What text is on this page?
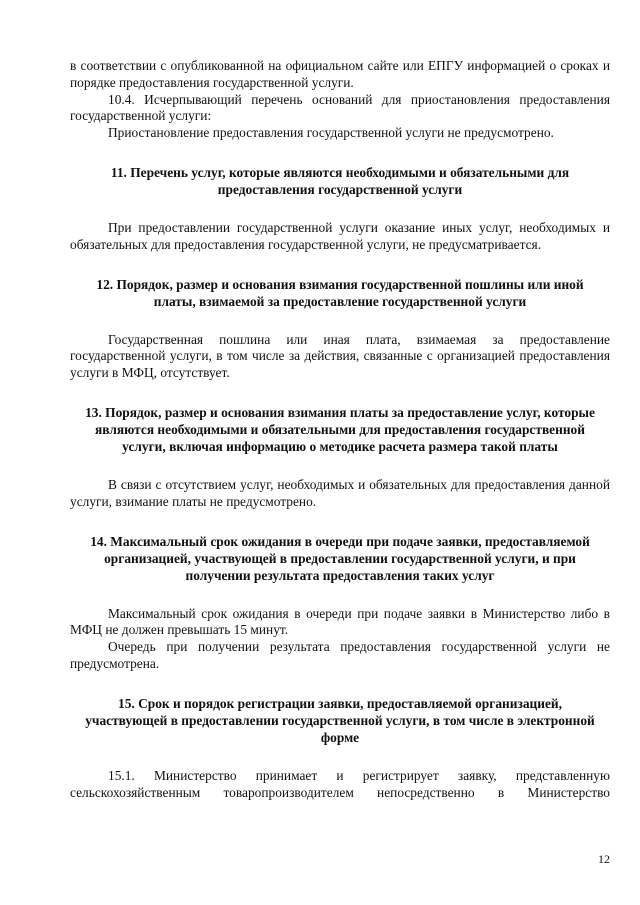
в соответствии с опубликованной на официальном сайте или ЕПГУ информацией о сроках и порядке предоставления государственной услуги.

10.4. Исчерпывающий перечень оснований для приостановления предоставления государственной услуги:

Приостановление предоставления государственной услуги не предусмотрено.

11. Перечень услуг, которые являются необходимыми и обязательными для предоставления государственной услуги

При предоставлении государственной услуги оказание иных услуг, необходимых и обязательных для предоставления государственной услуги, не предусматривается.

12. Порядок, размер и основания взимания государственной пошлины или иной платы, взимаемой за предоставление государственной услуги

Государственная пошлина или иная плата, взимаемая за предоставление государственной услуги, в том числе за действия, связанные с организацией предоставления услуги в МФЦ, отсутствует.

13. Порядок, размер и основания взимания платы за предоставление услуг, которые являются необходимыми и обязательными для предоставления государственной услуги, включая информацию о методике расчета размера такой платы

В связи с отсутствием услуг, необходимых и обязательных для предоставления данной услуги, взимание платы не предусмотрено.

14. Максимальный срок ожидания в очереди при подаче заявки, предоставляемой организацией, участвующей в предоставлении государственной услуги, и при получении результата предоставления таких услуг

Максимальный срок ожидания в очереди при подаче заявки в Министерство либо в МФЦ не должен превышать 15 минут.

Очередь при получении результата предоставления государственной услуги не предусмотрена.

15. Срок и порядок регистрации заявки, предоставляемой организацией, участвующей в предоставлении государственной услуги, в том числе в электронной форме

15.1. Министерство принимает и регистрирует заявку, представленную сельскохозяйственным товаропроизводителем непосредственно в Министерство

12
